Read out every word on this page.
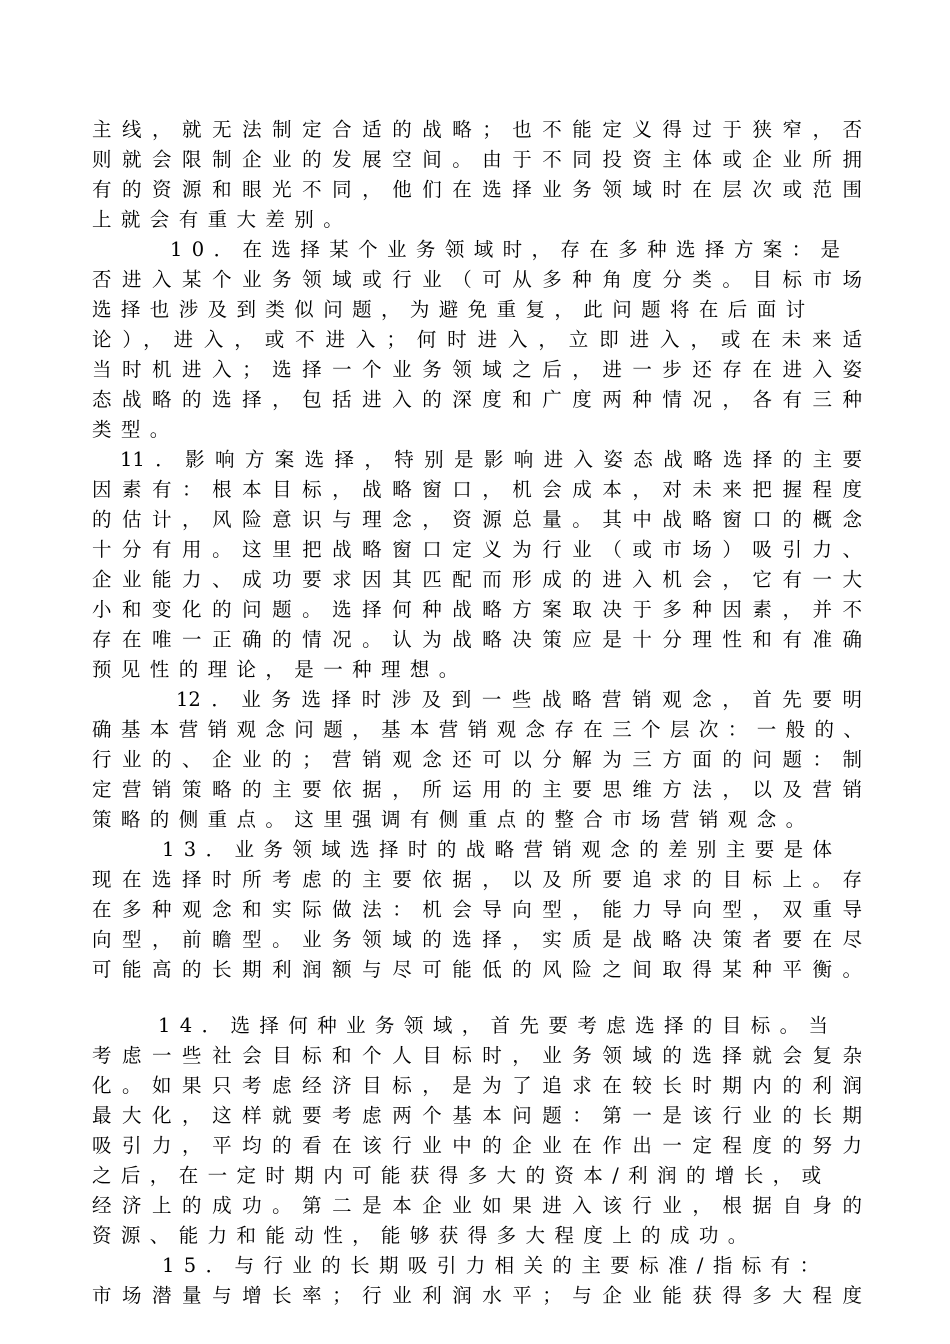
主线，就无法制定合适的战略；也不能定义得过于狭窄，否
则就会限制企业的发展空间。由于不同投资主体或企业所拥
有的资源和眼光不同，他们在选择业务领域时在层次或范围
上就会有重大差别。
10．在选择某个业务领域时，存在多种选择方案：是
否进入某个业务领域或行业（可从多种角度分类。目标市场
选择也涉及到类似问题，为避免重复，此问题将在后面讨
论），进入，或不进入；何时进入，立即进入，或在未来适
当时机进入；选择一个业务领域之后，进一步还存在进入姿
态战略的选择，包括进入的深度和广度两种情况，各有三种
类型。
11．影响方案选择，特别是影响进入姿态战略选择的主要
因素有：根本目标，战略窗口，机会成本，对未来把握程度
的估计，风险意识与理念，资源总量。其中战略窗口的概念
十分有用。这里把战略窗口定义为行业（或市场）吸引力、
企业能力、成功要求因其匹配而形成的进入机会，它有一大
小和变化的问题。选择何种战略方案取决于多种因素，并不
存在唯一正确的情况。认为战略决策应是十分理性和有准确
预见性的理论，是一种理想。
12．业务选择时涉及到一些战略营销观念，首先要明
确基本营销观念问题，基本营销观念存在三个层次：一般的、
行业的、企业的；营销观念还可以分解为三方面的问题：制
定营销策略的主要依据，所运用的主要思维方法，以及营销
策略的侧重点。这里强调有侧重点的整合市场营销观念。
13．业务领域选择时的战略营销观念的差别主要是体
现在选择时所考虑的主要依据，以及所要追求的目标上。存
在多种观念和实际做法：机会导向型，能力导向型，双重导
向型，前瞻型。业务领域的选择，实质是战略决策者要在尽
可能高的长期利润额与尽可能低的风险之间取得某种平衡。
14．选择何种业务领域，首先要考虑选择的目标。当
考虑一些社会目标和个人目标时，业务领域的选择就会复杂
化。如果只考虑经济目标，是为了追求在较长时期内的利润
最大化，这样就要考虑两个基本问题：第一是该行业的长期
吸引力，平均的看在该行业中的企业在作出一定程度的努力
之后，在一定时期内可能获得多大的资本/利润的增长，或
经济上的成功。第二是本企业如果进入该行业，根据自身的
资源、能力和能动性，能够获得多大程度上的成功。
15．与行业的长期吸引力相关的主要标准/指标有：
市场潜量与增长率；行业利润水平；与企业能获得多大程度
